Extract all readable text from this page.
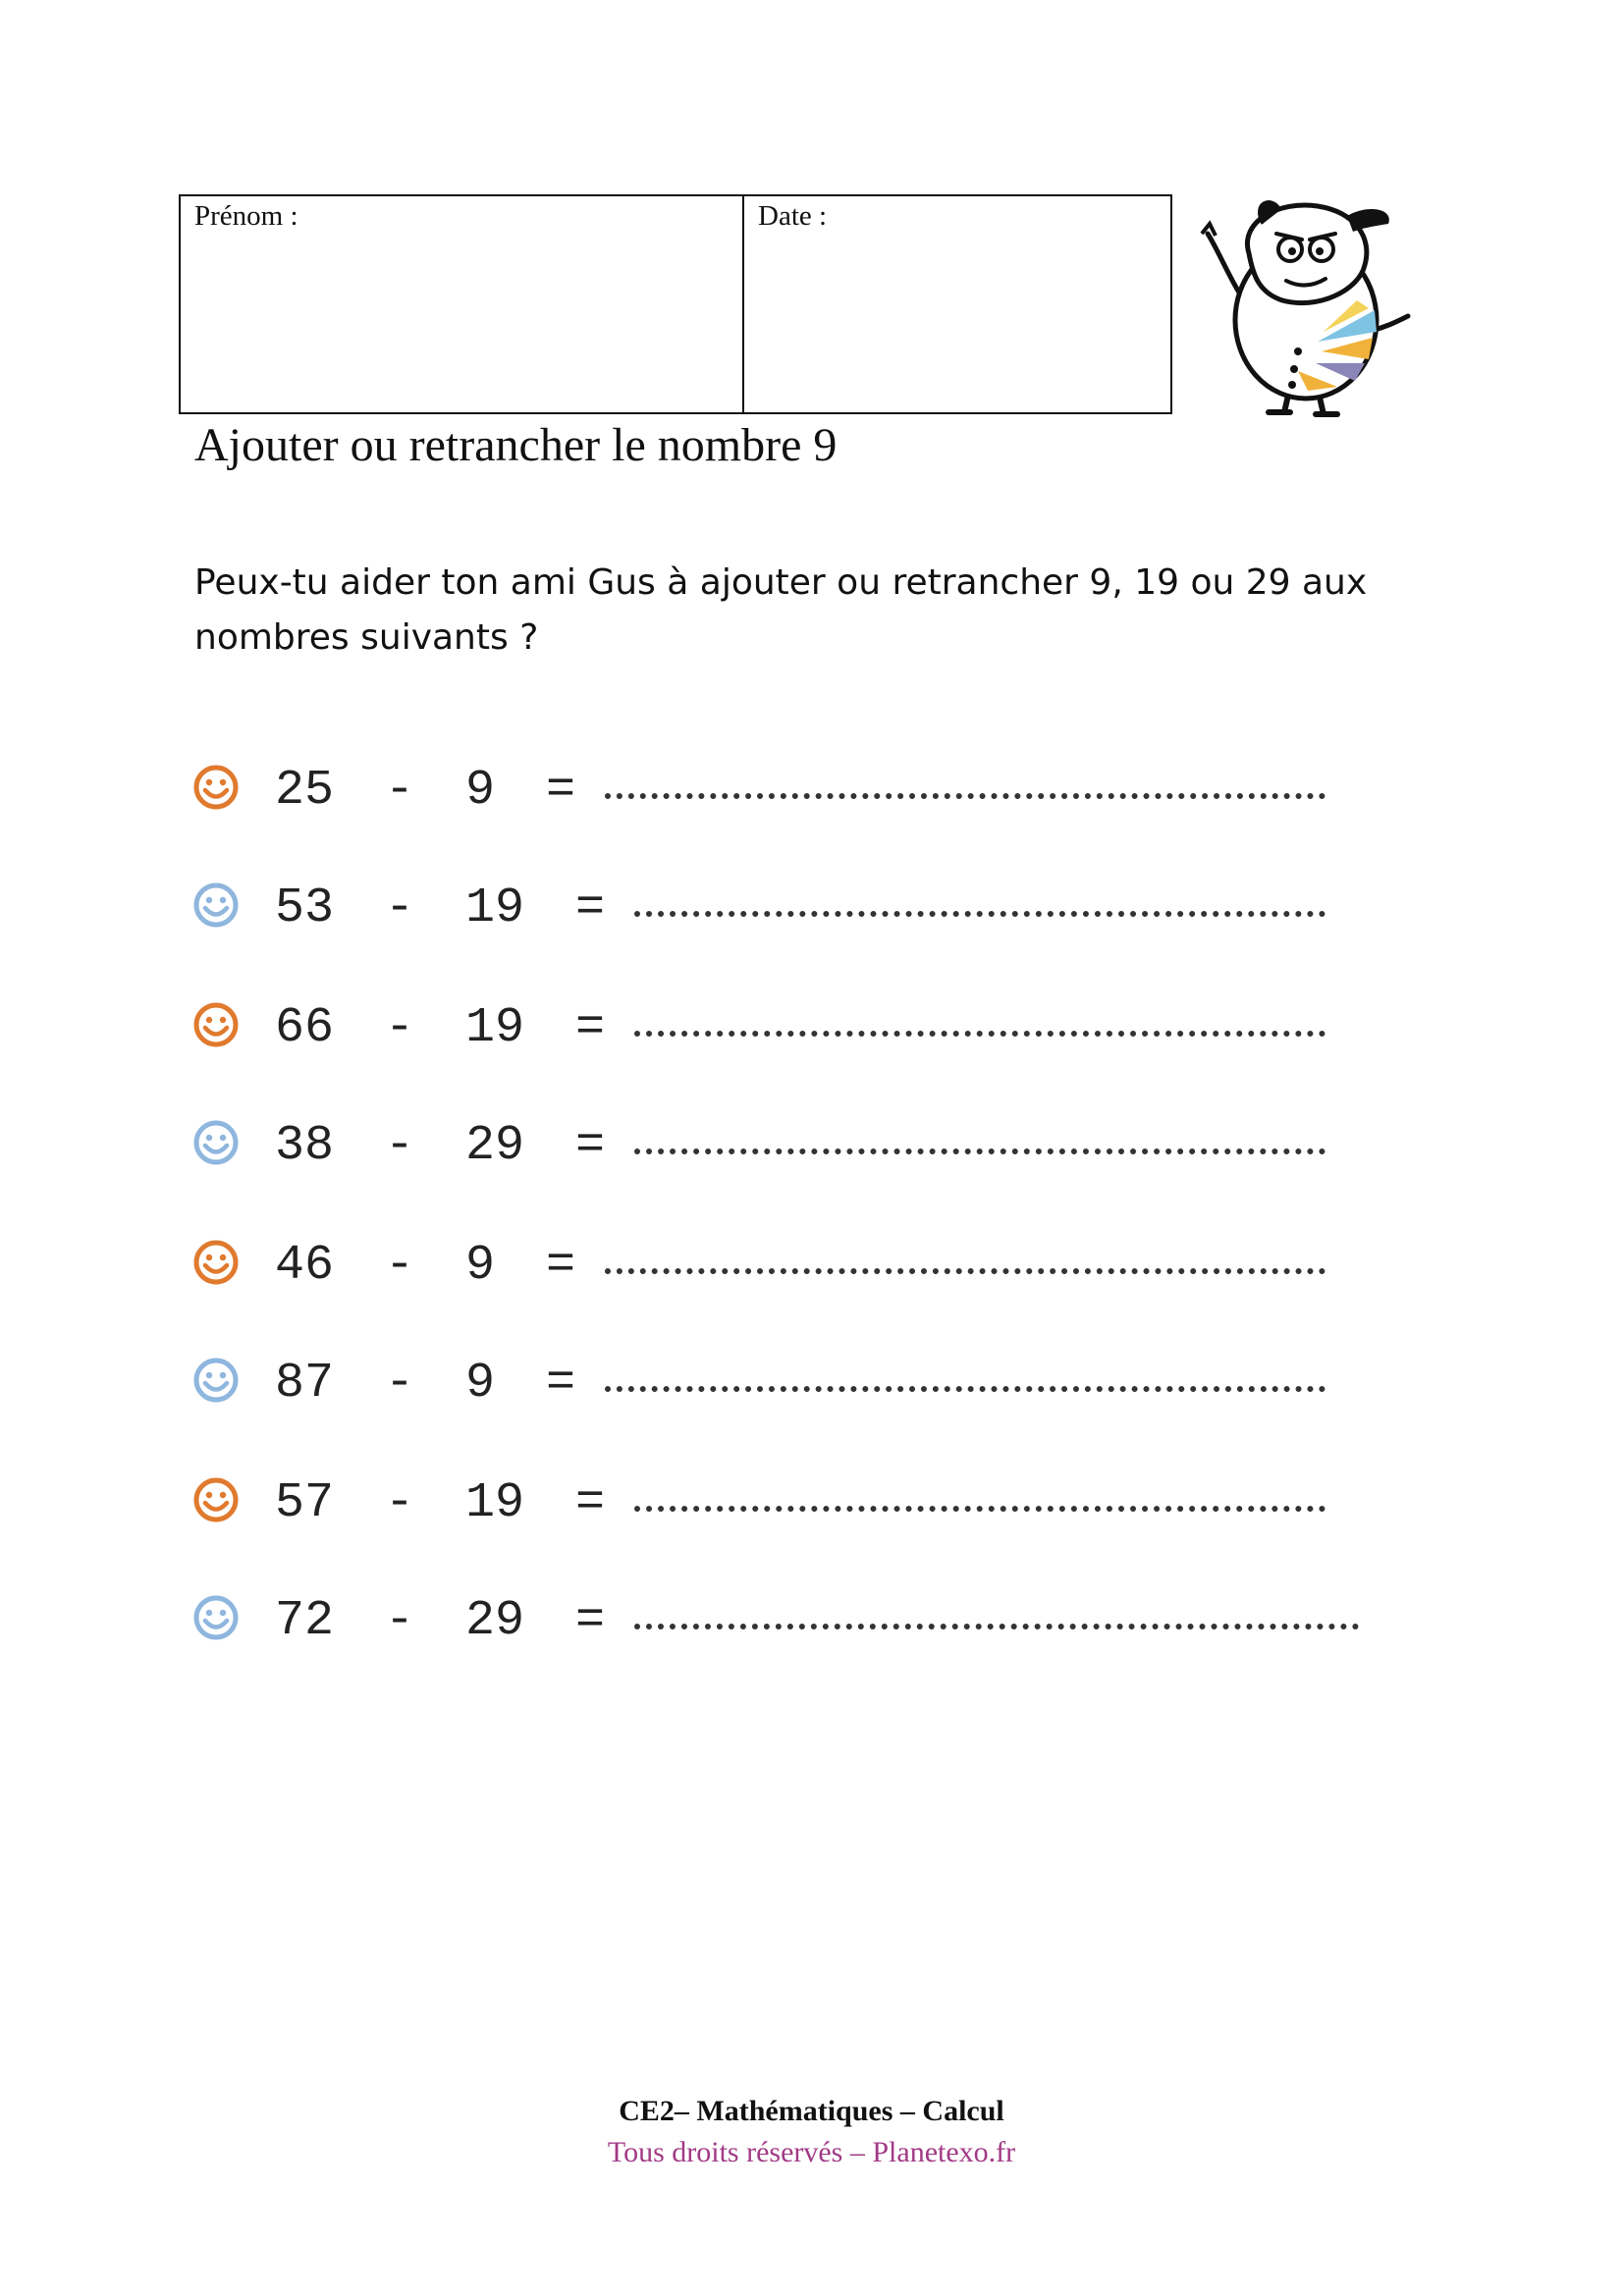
Prénom :	Date :
Ajouter ou retrancher le nombre 9
Peux-tu aider ton ami Gus à ajouter ou retrancher 9, 19 ou 29 aux nombres suivants ?
25 - 9 =
53 - 19 =
66 - 19 =
38 - 29 =
46 - 9 =
87 - 9 =
57 - 19 =
72 - 29 =
CE2– Mathématiques – Calcul
Tous droits réservés – Planetexo.fr
